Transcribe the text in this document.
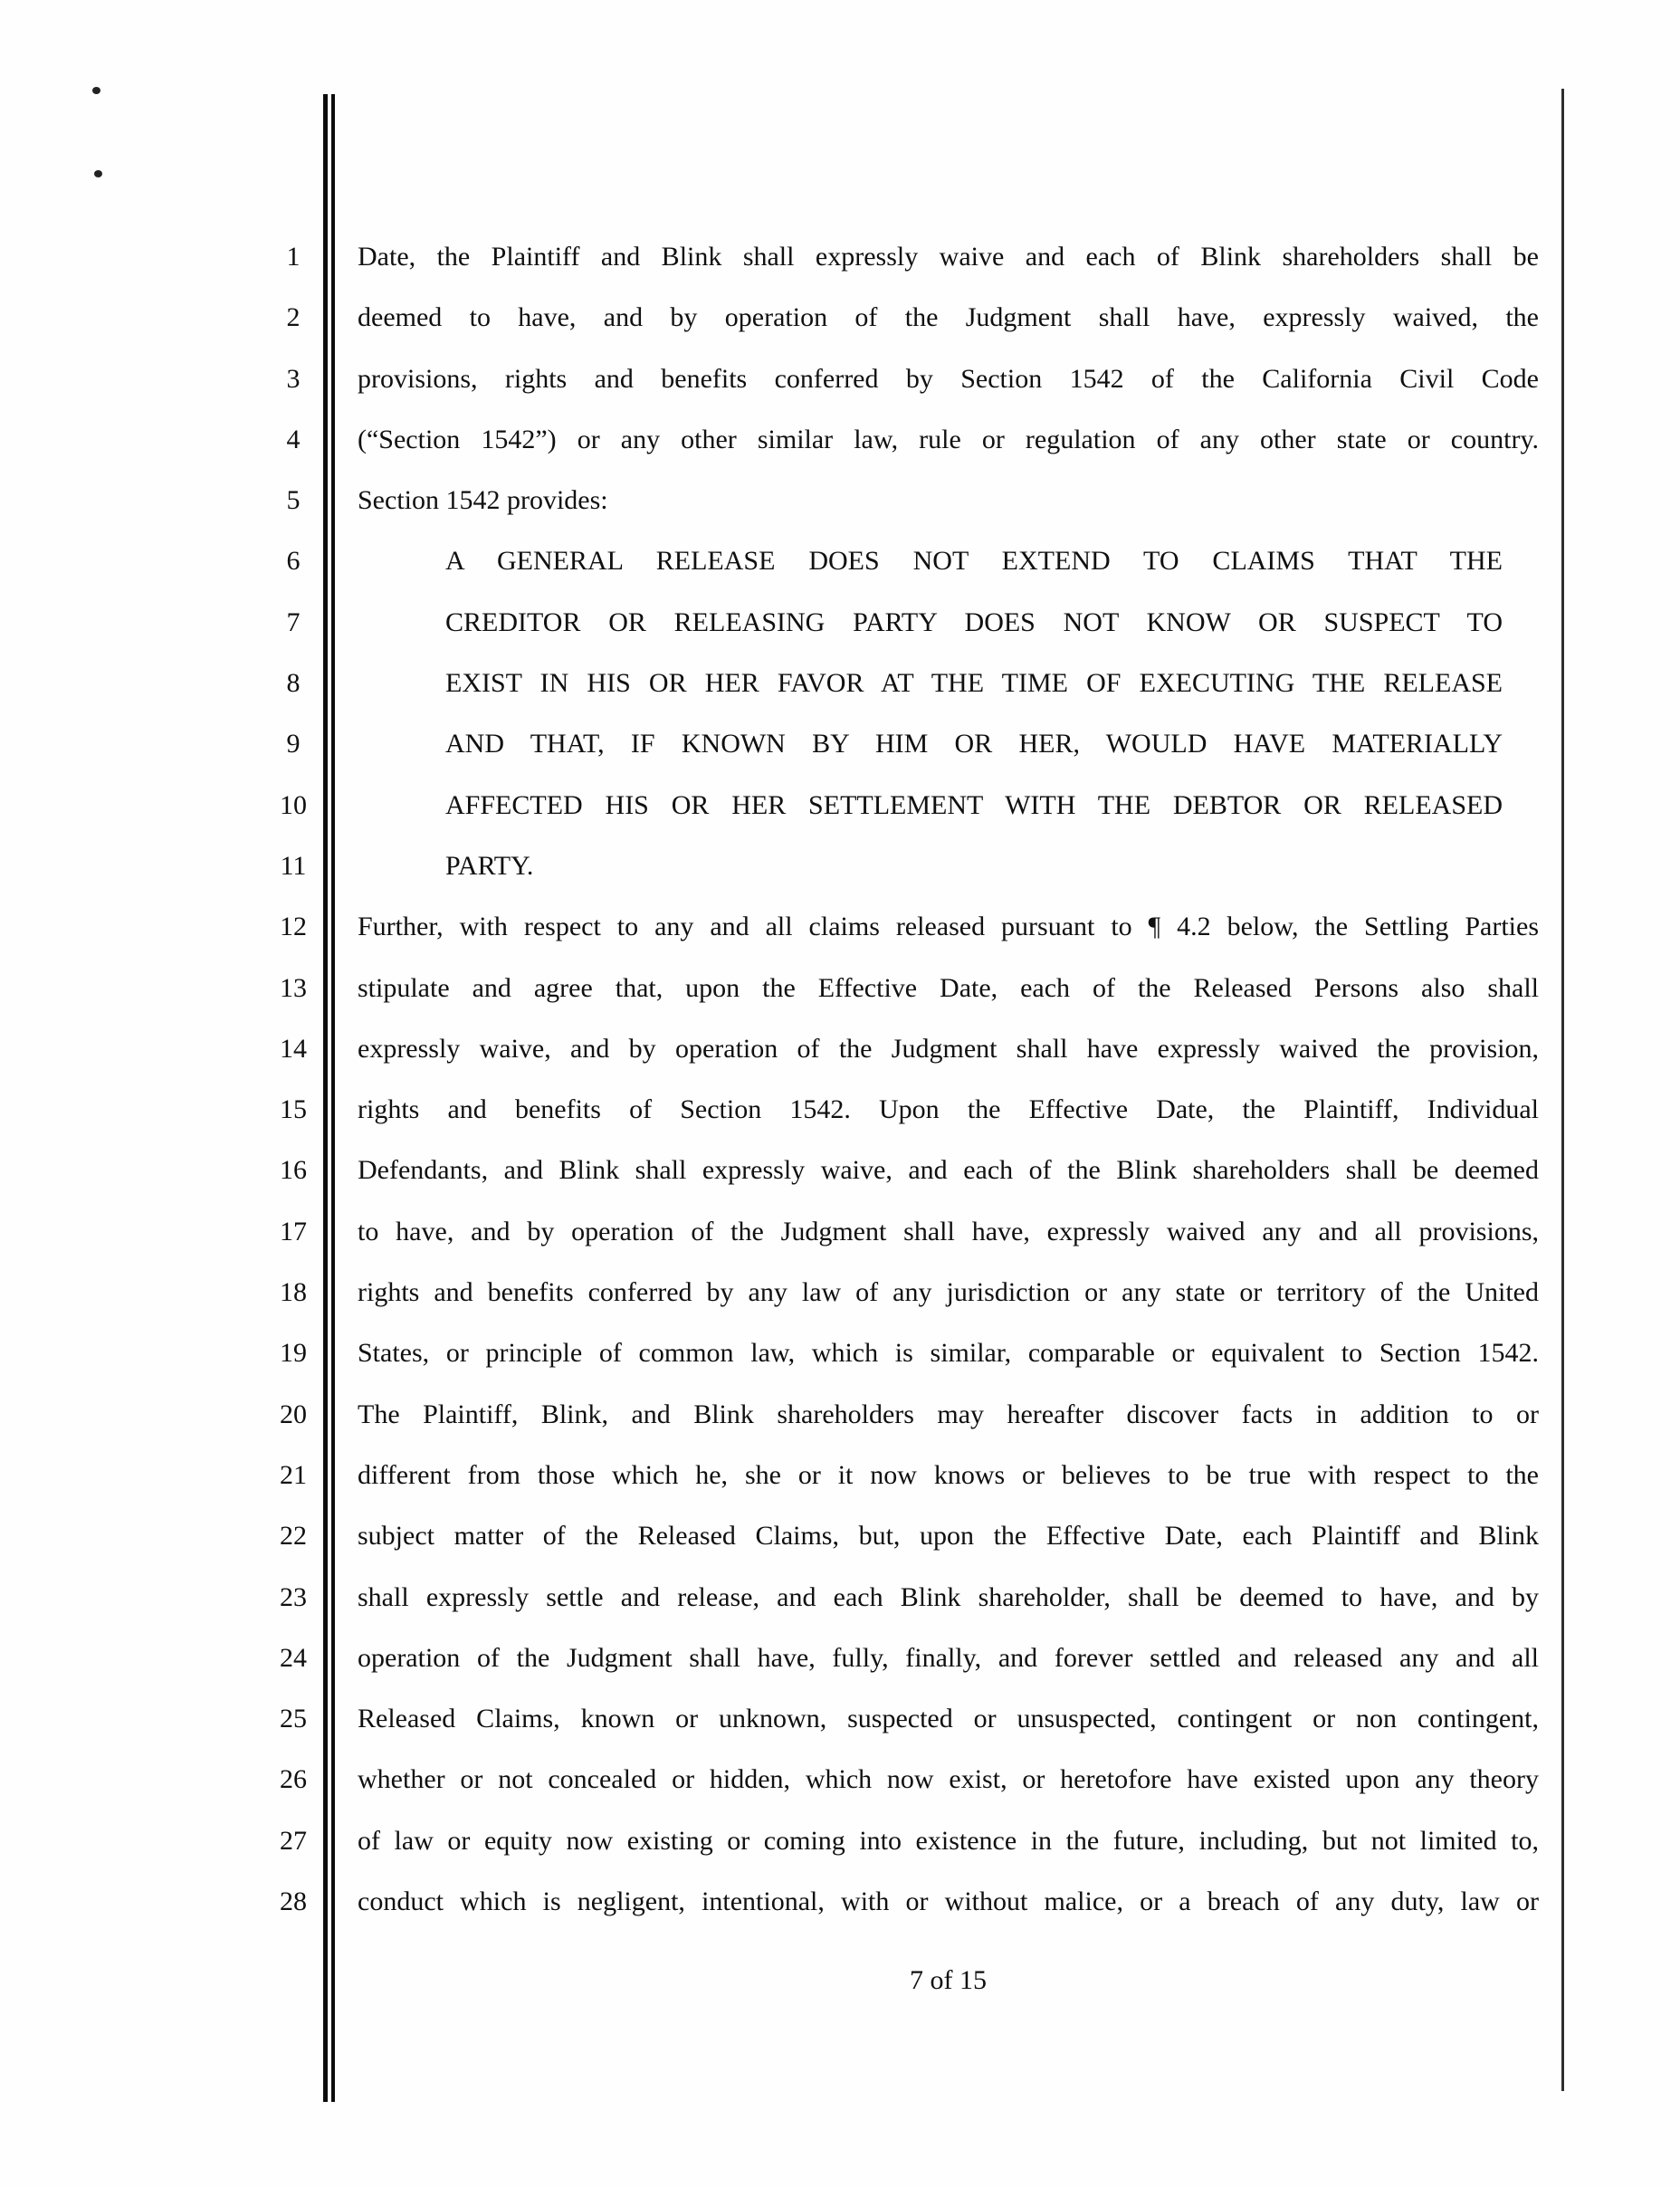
1	Date, the Plaintiff and Blink shall expressly waive and each of Blink shareholders shall be
2	deemed to have, and by operation of the Judgment shall have, expressly waived, the
3	provisions, rights and benefits conferred by Section 1542 of the California Civil Code
4	(“Section 1542”) or any other similar law, rule or regulation of any other state or country.
5	Section 1542 provides:
6	A GENERAL RELEASE DOES NOT EXTEND TO CLAIMS THAT THE
7	CREDITOR OR RELEASING PARTY DOES NOT KNOW OR SUSPECT TO
8	EXIST IN HIS OR HER FAVOR AT THE TIME OF EXECUTING THE RELEASE
9	AND THAT, IF KNOWN BY HIM OR HER, WOULD HAVE MATERIALLY
10	AFFECTED HIS OR HER SETTLEMENT WITH THE DEBTOR OR RELEASED
11	PARTY.
12	Further, with respect to any and all claims released pursuant to ¶ 4.2 below, the Settling Parties
13	stipulate and agree that, upon the Effective Date, each of the Released Persons also shall
14	expressly waive, and by operation of the Judgment shall have expressly waived the provision,
15	rights and benefits of Section 1542. Upon the Effective Date, the Plaintiff, Individual
16	Defendants, and Blink shall expressly waive, and each of the Blink shareholders shall be deemed
17	to have, and by operation of the Judgment shall have, expressly waived any and all provisions,
18	rights and benefits conferred by any law of any jurisdiction or any state or territory of the United
19	States, or principle of common law, which is similar, comparable or equivalent to Section 1542.
20	The Plaintiff, Blink, and Blink shareholders may hereafter discover facts in addition to or
21	different from those which he, she or it now knows or believes to be true with respect to the
22	subject matter of the Released Claims, but, upon the Effective Date, each Plaintiff and Blink
23	shall expressly settle and release, and each Blink shareholder, shall be deemed to have, and by
24	operation of the Judgment shall have, fully, finally, and forever settled and released any and all
25	Released Claims, known or unknown, suspected or unsuspected, contingent or non contingent,
26	whether or not concealed or hidden, which now exist, or heretofore have existed upon any theory
27	of law or equity now existing or coming into existence in the future, including, but not limited to,
28	conduct which is negligent, intentional, with or without malice, or a breach of any duty, law or
7 of 15
